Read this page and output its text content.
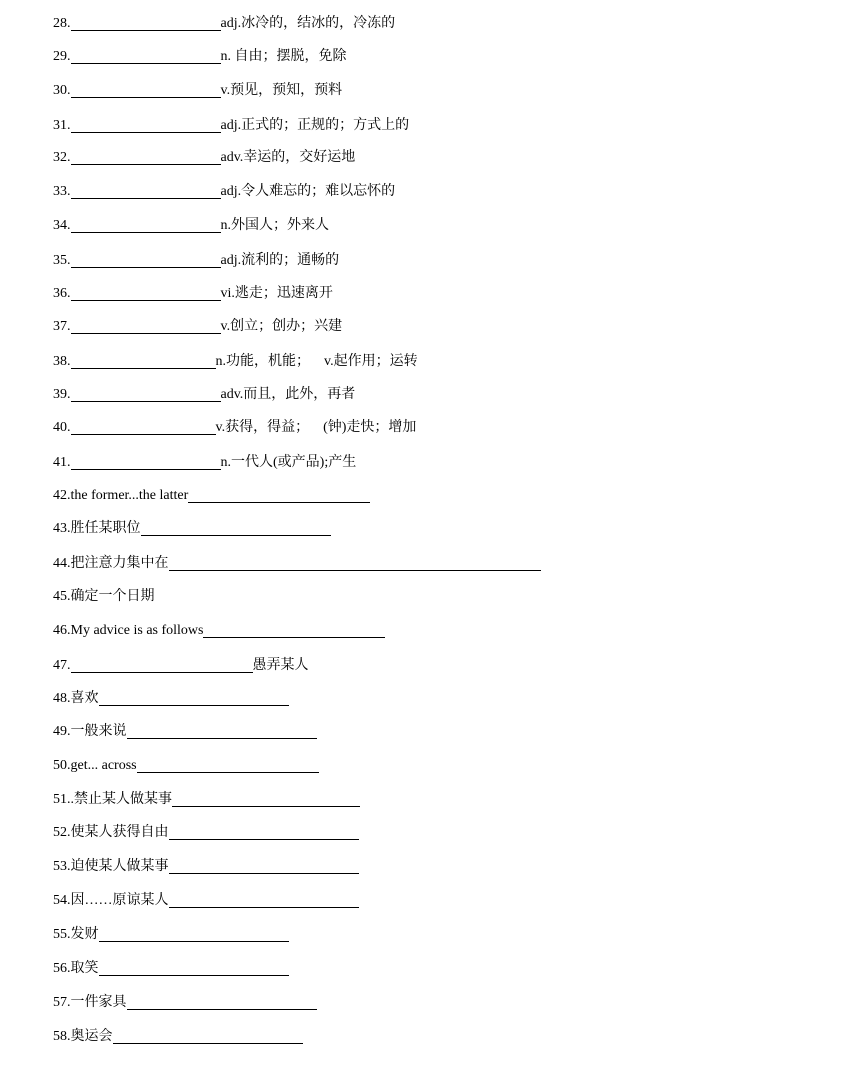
28.	adj.冰冷的，结冰的，冷冻的
29.	n. 自由；摆脱，免除
30.	v.预见，预知，预料
31.	adj.正式的；正规的；方式上的
32.	adv.幸运的，交好运地
33.	adj.令人难忘的；难以忘怀的
34.	n.外国人；外来人
35.	adj.流利的；通畅的
36.	vi.逃走；迅速离开
37.	v.创立；创办；兴建
38.	n.功能，机能；    v.起作用；运转
39.	adv.而且，此外，再者
40.	v.获得，得益；    (钟)走快；增加
41.	n.一代人(或产品);产生
42.the former...the latter
43.胜任某职位
44.把注意力集中在
45.确定一个日期
46.My advice is as follows
47.	愚弄某人
48.喜欢
49.一般来说
50.get... across
51..禁止某人做某事
52.使某人获得自由
53.迫使某人做某事
54.因……原谅某人
55.发财
56.取笑
57.一件家具
58.奥运会
